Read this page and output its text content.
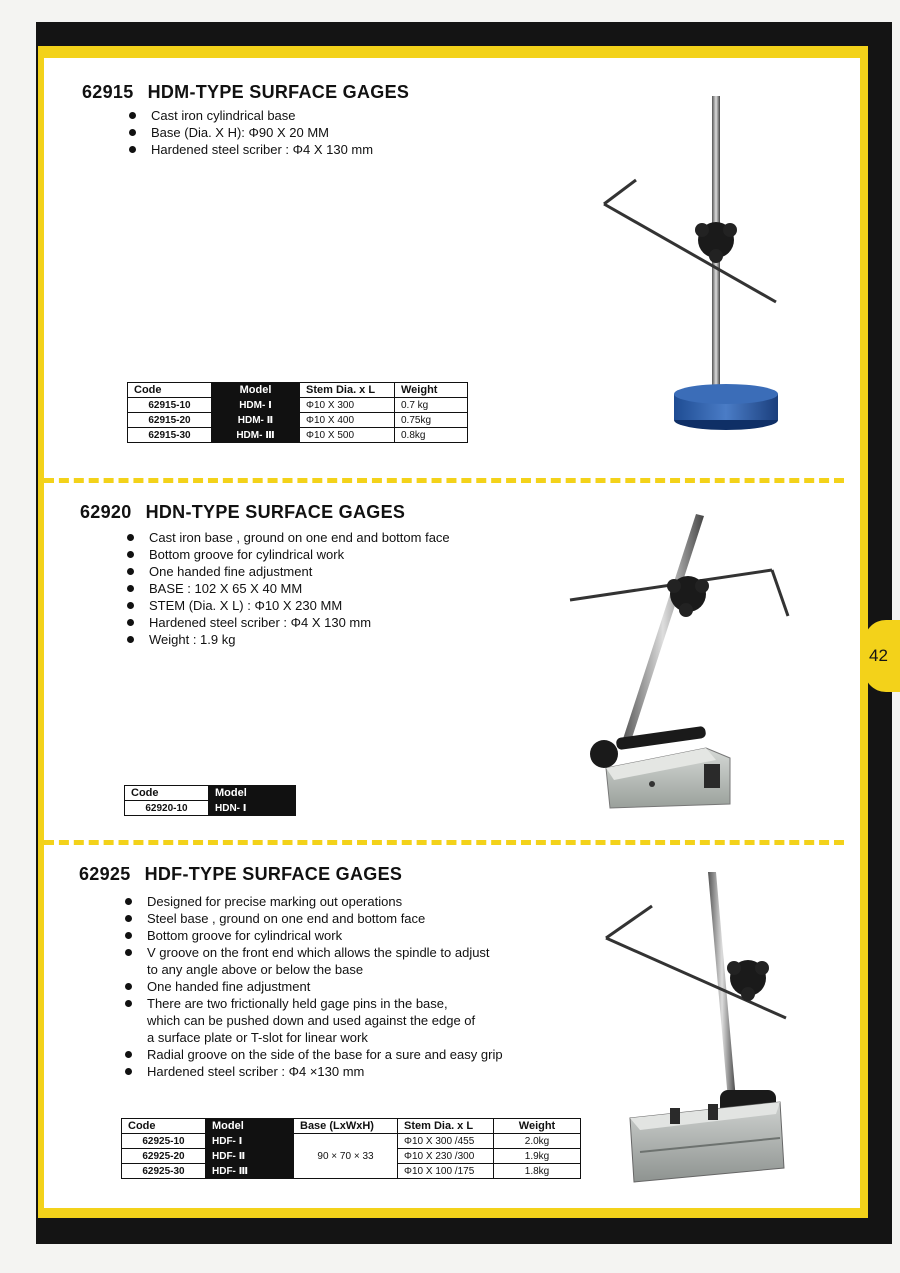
42
62915 HDM-TYPE SURFACE GAGES
Cast iron cylindrical base
Base (Dia. X H): Φ90 X 20 MM
Hardened steel scriber : Φ4 X 130 mm
Code	Model	Stem Dia. x L	Weight
62915-10	HDM- Ⅰ	Φ10 X 300	0.7 kg
62915-20	HDM- Ⅱ	Φ10 X 400	0.75kg
62915-30	HDM- Ⅲ	Φ10 X 500	0.8kg
62920 HDN-TYPE SURFACE GAGES
Cast iron base , ground on one end and bottom face
Bottom groove for cylindrical work
One handed fine adjustment
BASE : 102 X 65 X 40 MM
STEM (Dia. X L) : Φ10 X 230 MM
Hardened steel scriber : Φ4 X 130 mm
Weight : 1.9 kg
Code	Model
62920-10	HDN- Ⅰ
62925 HDF-TYPE SURFACE GAGES
Designed for precise marking out operations
Steel base , ground on one end and bottom face
Bottom groove for cylindrical work
V groove on the front end which allows the spindle to adjust
to any angle above or below the base
One handed fine adjustment
There are two frictionally held gage pins in the base,
which can be pushed down and used against the edge of
a surface plate or T-slot for linear work
Radial groove on the side of the base for a sure and easy grip
Hardened steel scriber : Φ4 ×130 mm
Code	Model	Base (LxWxH)	Stem Dia. x L	Weight
62925-10	HDF- Ⅰ	90 × 70 × 33	Φ10 X 300 /455	2.0kg
62925-20	HDF- Ⅱ		Φ10 X 230 /300	1.9kg
62925-30	HDF- Ⅲ		Φ10 X 100 /175	1.8kg
